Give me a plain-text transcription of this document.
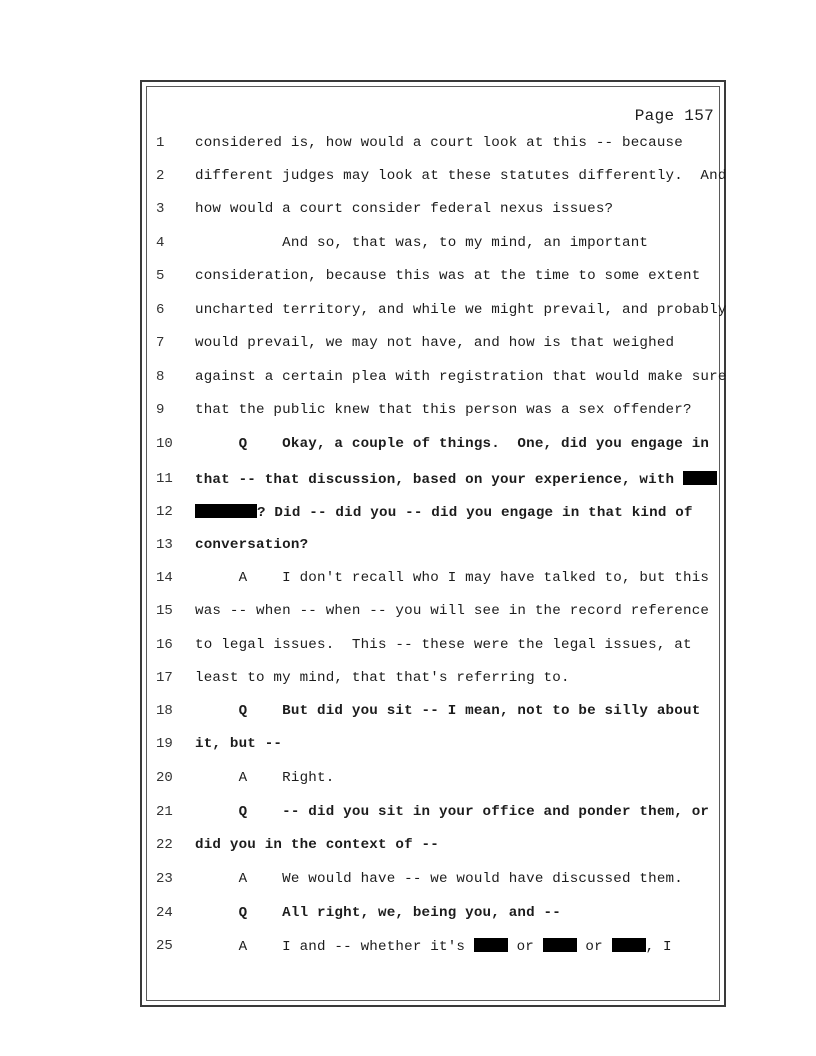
Page 157
1 considered is, how would a court look at this -- because
2 different judges may look at these statutes differently.  And
3 how would a court consider federal nexus issues?
4 And so, that was, to my mind, an important
5 consideration, because this was at the time to some extent
6 uncharted territory, and while we might prevail, and probably
7 would prevail, we may not have, and how is that weighed
8 against a certain plea with registration that would make sure
9 that the public knew that this person was a sex offender?
10 Q    Okay, a couple of things.  One, did you engage in
11 that -- that discussion, based on your experience, with
12	? Did -- did you -- did you engage in that kind of
13 conversation?
14 A    I don't recall who I may have talked to, but this
15 was -- when -- when -- you will see in the record reference
16 to legal issues.  This -- these were the legal issues, at
17 least to my mind, that that's referring to.
18 Q    But did you sit -- I mean, not to be silly about
19 it, but --
20 A    Right.
21 Q    -- did you sit in your office and ponder them, or
22 did you in the context of --
23 A    We would have -- we would have discussed them.
24 Q    All right, we, being you, and --
25 A    I and -- whether it's  or  or , I
